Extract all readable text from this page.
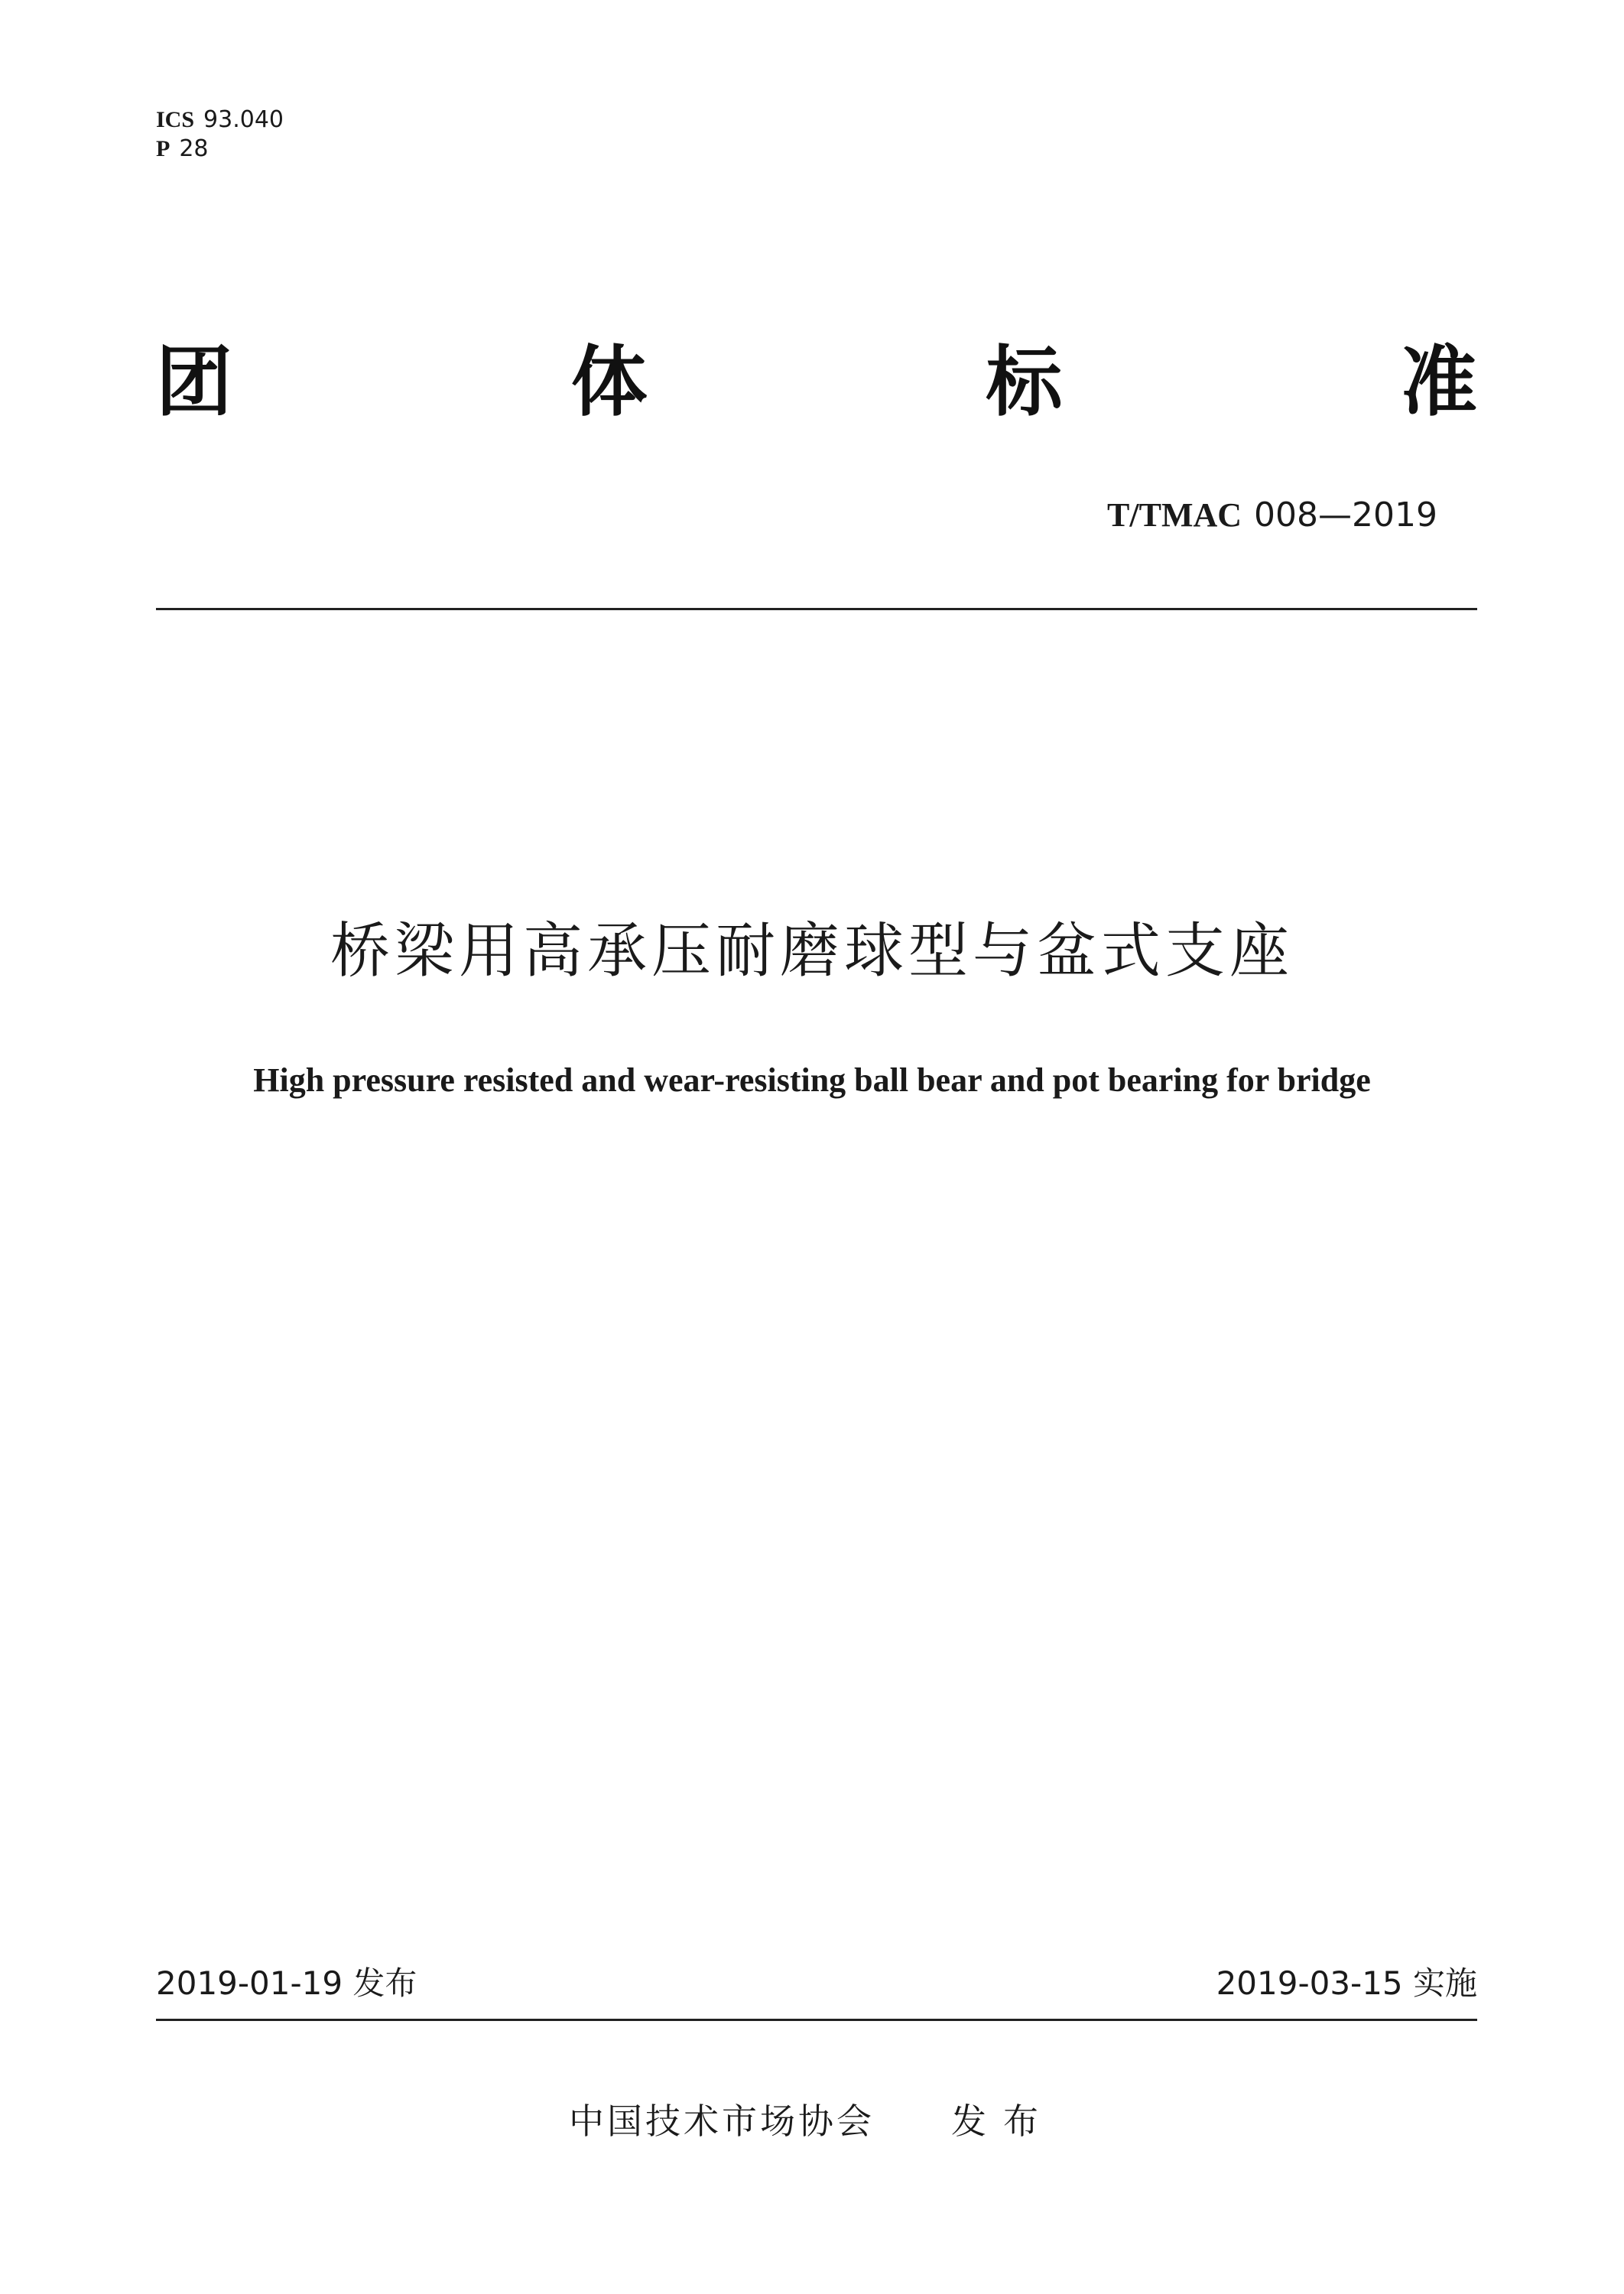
ICS 93.040
P 28
团	体	标	准
T/TMAC 008—2019
桥梁用高承压耐磨球型与盆式支座
High pressure resisted and wear-resisting ball bear and pot bearing for bridge
2019-01-19 发布	2019-03-15 实施
中国技术市场协会 发布
